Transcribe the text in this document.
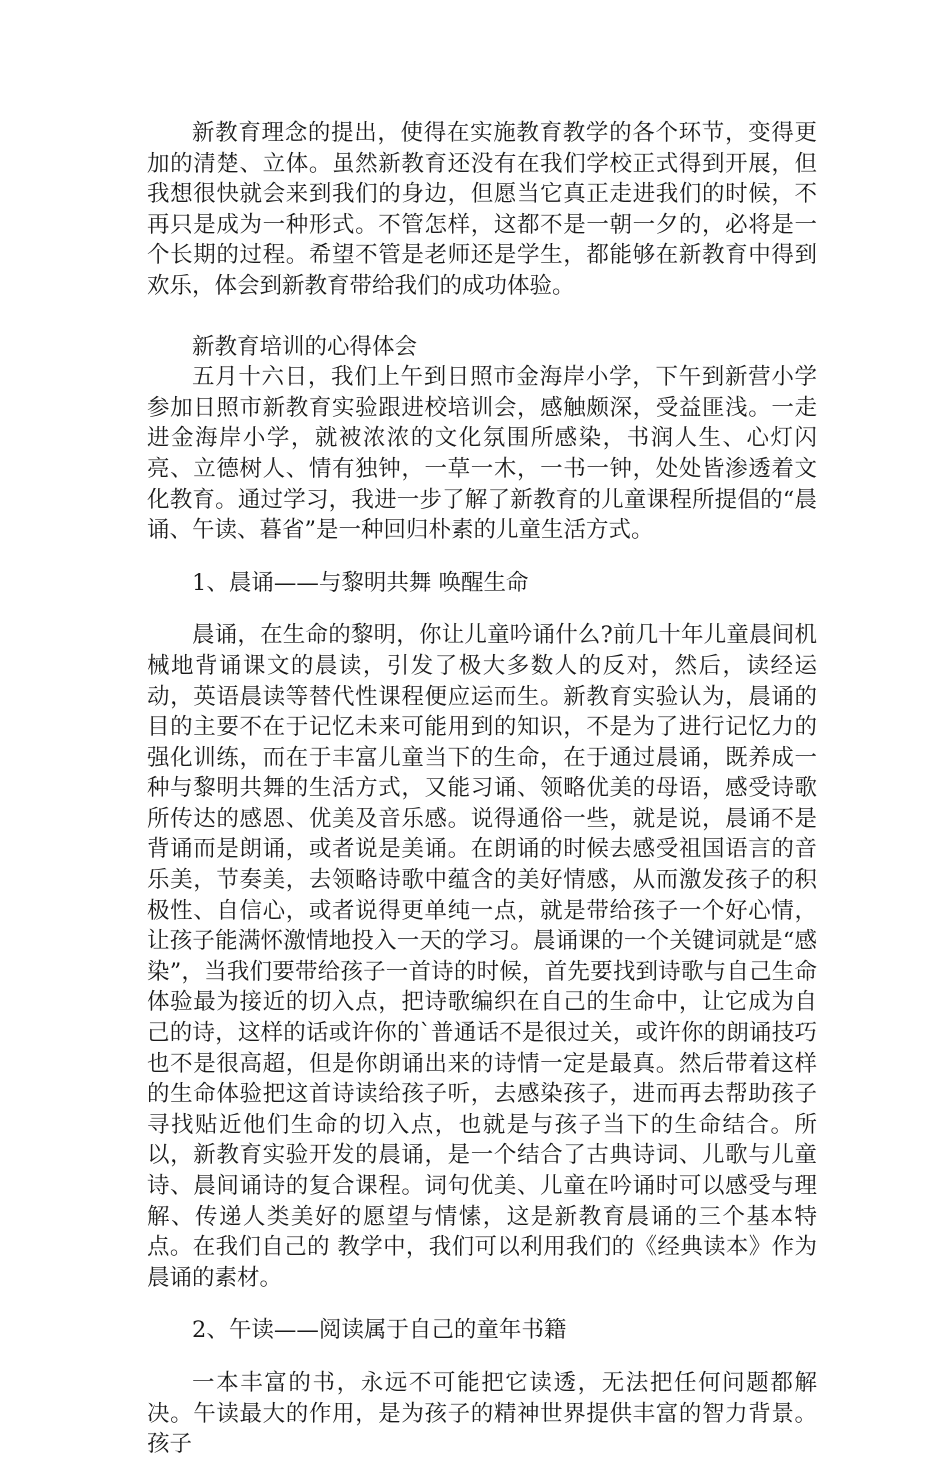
新教育理念的提出，使得在实施教育教学的各个环节，变得更加的清楚、立体。虽然新教育还没有在我们学校正式得到开展，但我想很快就会来到我们的身边，但愿当它真正走进我们的时候，不再只是成为一种形式。不管怎样，这都不是一朝一夕的，必将是一个长期的过程。希望不管是老师还是学生，都能够在新教育中得到欢乐，体会到新教育带给我们的成功体验。

新教育培训的心得体会

五月十六日，我们上午到日照市金海岸小学，下午到新营小学参加日照市新教育实验跟进校培训会，感触颇深，受益匪浅。一走进金海岸小学，就被浓浓的文化氛围所感染，书润人生、心灯闪亮、立德树人、情有独钟，一草一木，一书一钟，处处皆渗透着文化教育。通过学习，我进一步了解了新教育的儿童课程所提倡的“晨诵、午读、暮省”是一种回归朴素的儿童生活方式。

1、晨诵——与黎明共舞 唤醒生命

晨诵，在生命的黎明，你让儿童吟诵什么?前几十年儿童晨间机械地背诵课文的晨读，引发了极大多数人的反对，然后，读经运动，英语晨读等替代性课程便应运而生。新教育实验认为，晨诵的目的主要不在于记忆未来可能用到的知识，不是为了进行记忆力的强化训练，而在于丰富儿童当下的生命，在于通过晨诵，既养成一种与黎明共舞的生活方式，又能习诵、领略优美的母语，感受诗歌所传达的感恩、优美及音乐感。说得通俗一些，就是说，晨诵不是背诵而是朗诵，或者说是美诵。在朗诵的时候去感受祖国语言的音乐美，节奏美，去领略诗歌中蕴含的美好情感，从而激发孩子的积极性、自信心，或者说得更单纯一点，就是带给孩子一个好心情，让孩子能满怀激情地投入一天的学习。晨诵课的一个关键词就是“感染”，当我们要带给孩子一首诗的时候，首先要找到诗歌与自己生命体验最为接近的切入点，把诗歌编织在自己的生命中，让它成为自己的诗，这样的话或许你的`普通话不是很过关，或许你的朗诵技巧也不是很高超，但是你朗诵出来的诗情一定是最真。然后带着这样的生命体验把这首诗读给孩子听，去感染孩子，进而再去帮助孩子寻找贴近他们生命的切入点，也就是与孩子当下的生命结合。所以，新教育实验开发的晨诵，是一个结合了古典诗词、儿歌与儿童诗、晨间诵诗的复合课程。词句优美、儿童在吟诵时可以感受与理解、传递人类美好的愿望与情愫，这是新教育晨诵的三个基本特点。在我们自己的 教学中，我们可以利用我们的《经典读本》作为晨诵的素材。

2、午读——阅读属于自己的童年书籍

一本丰富的书，永远不可能把它读透，无法把任何问题都解决。午读最大的作用，是为孩子的精神世界提供丰富的智力背景。孩子
